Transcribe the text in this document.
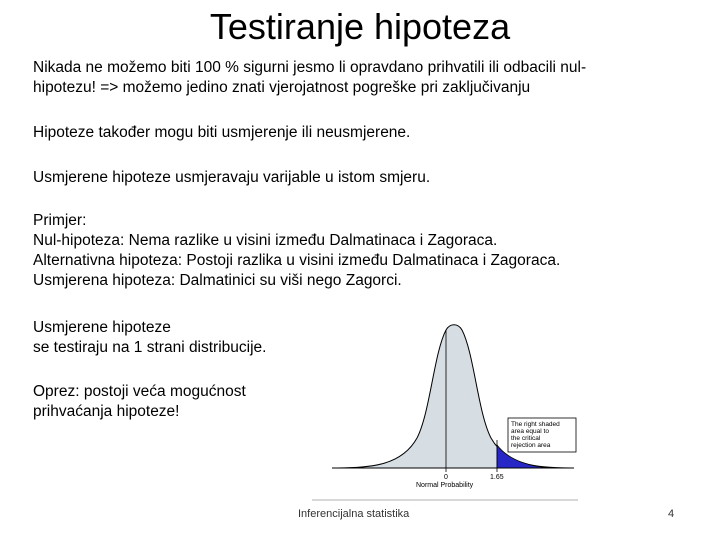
Testiranje hipoteza
Nikada ne možemo biti 100 % sigurni jesmo li opravdano prihvatili ili odbacili nul-
hipotezu! => možemo jedino znati vjerojatnost pogreške pri zaključivanju
Hipoteze također mogu biti usmjerenje ili neusmjerene.
Usmjerene hipoteze usmjeravaju varijable u istom smjeru.
Primjer:
Nul-hipoteza: Nema razlike u visini između Dalmatinaca i Zagoraca.
Alternativna hipoteza: Postoji razlika u visini između Dalmatinaca i Zagoraca.
Usmjerena hipoteza: Dalmatinici su viši nego Zagorci.
Usmjerene hipoteze
se testiraju na 1 strani distribucije.
Oprez: postoji veća mogućnost
prihvaćanja hipoteze!
The right shaded
area equal to
the critical
rejection area
0	1.65
Normal Probability
Inferencijalna statistika	4
